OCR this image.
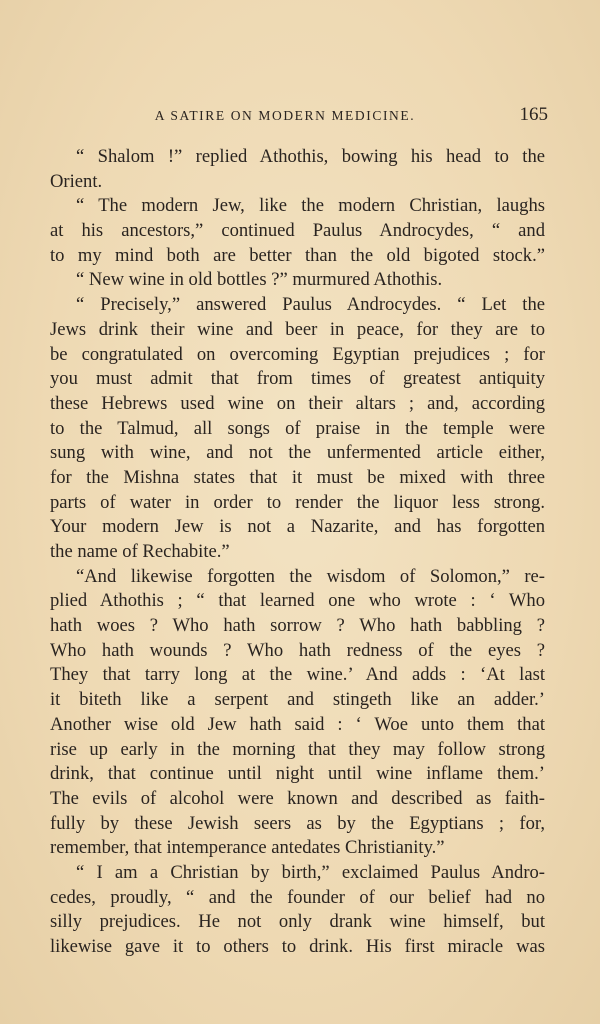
A SATIRE ON MODERN MEDICINE.	165
“ Shalom !” replied Athothis, bowing his head to the
Orient.
“ The modern Jew, like the modern Christian, laughs
at his ancestors,” continued Paulus Androcydes, “ and
to my mind both are better than the old bigoted stock.”
“ New wine in old bottles ?” murmured Athothis.
“ Precisely,” answered Paulus Androcydes. “ Let the
Jews drink their wine and beer in peace, for they are to
be congratulated on overcoming Egyptian prejudices ; for
you must admit that from times of greatest antiquity
these Hebrews used wine on their altars ; and, according
to the Talmud, all songs of praise in the temple were
sung with wine, and not the unfermented article either,
for the Mishna states that it must be mixed with three
parts of water in order to render the liquor less strong.
Your modern Jew is not a Nazarite, and has forgotten
the name of Rechabite.”
“And likewise forgotten the wisdom of Solomon,” re-
plied Athothis ; “ that learned one who wrote : ‘ Who
hath woes ? Who hath sorrow ? Who hath babbling ?
Who hath wounds ? Who hath redness of the eyes ?
They that tarry long at the wine.’ And adds : ‘At last
it biteth like a serpent and stingeth like an adder.’
Another wise old Jew hath said : ‘ Woe unto them that
rise up early in the morning that they may follow strong
drink, that continue until night until wine inflame them.’
The evils of alcohol were known and described as faith-
fully by these Jewish seers as by the Egyptians ; for,
remember, that intemperance antedates Christianity.”
“ I am a Christian by birth,” exclaimed Paulus Andro-
cedes, proudly, “ and the founder of our belief had no
silly prejudices. He not only drank wine himself, but
likewise gave it to others to drink. His first miracle was
